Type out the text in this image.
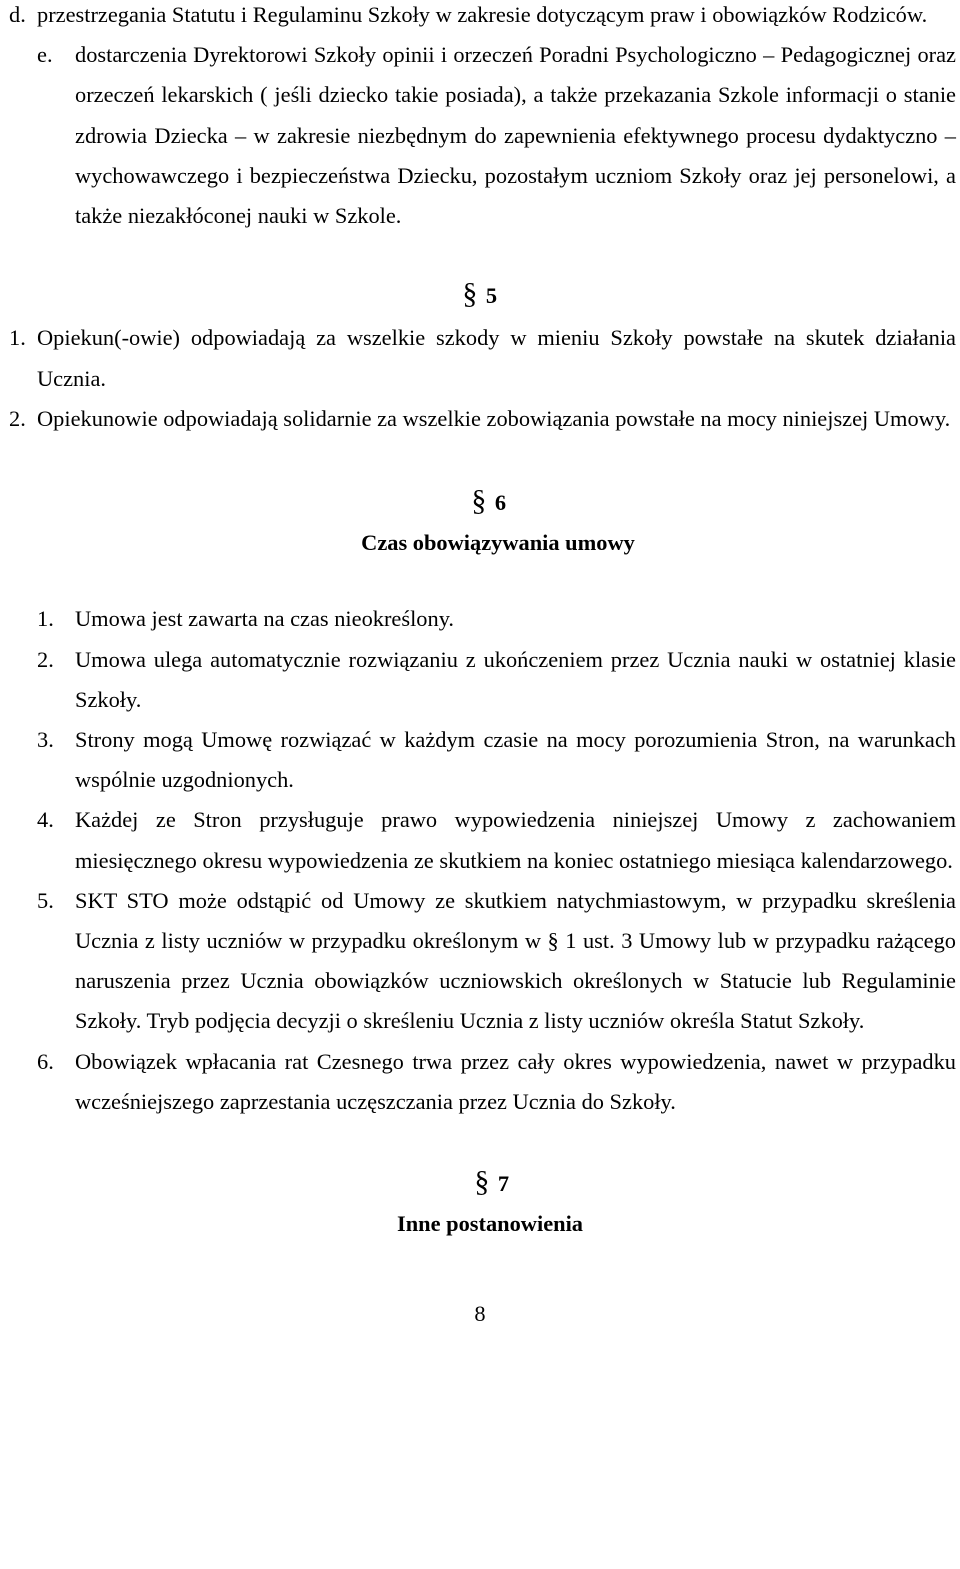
d. przestrzegania Statutu i Regulaminu Szkoły w zakresie dotyczącym praw i obowiązków Rodziców.
e. dostarczenia Dyrektorowi Szkoły opinii i orzeczeń Poradni Psychologiczno – Pedagogicznej oraz orzeczeń lekarskich ( jeśli dziecko takie posiada), a także przekazania Szkole informacji o stanie zdrowia Dziecka – w zakresie niezbędnym do zapewnienia efektywnego procesu dydaktyczno – wychowawczego i bezpieczeństwa Dziecku, pozostałym uczniom Szkoły oraz jej personelowi, a także niezakłóconej nauki w Szkole.

§ 5

1. Opiekun(-owie) odpowiadają za wszelkie szkody w mieniu Szkoły powstałe na skutek działania Ucznia.
2. Opiekunowie odpowiadają solidarnie za wszelkie zobowiązania powstałe na mocy niniejszej Umowy.

§ 6

Czas obowiązywania umowy

1. Umowa jest zawarta na czas nieokreślony.
2. Umowa ulega automatycznie rozwiązaniu z ukończeniem przez Ucznia nauki w ostatniej klasie Szkoły.
3. Strony mogą Umowę rozwiązać w każdym czasie na mocy porozumienia Stron, na warunkach wspólnie uzgodnionych.
4. Każdej ze Stron przysługuje prawo wypowiedzenia niniejszej Umowy z zachowaniem miesięcznego okresu wypowiedzenia ze skutkiem na koniec ostatniego miesiąca kalendarzowego.
5. SKT STO może odstąpić od Umowy ze skutkiem natychmiastowym, w przypadku skreślenia Ucznia z listy uczniów w przypadku określonym w § 1 ust. 3 Umowy lub w przypadku rażącego naruszenia przez Ucznia obowiązków uczniowskich określonych w Statucie lub Regulaminie Szkoły. Tryb podjęcia decyzji o skreśleniu Ucznia z listy uczniów określa Statut Szkoły.
6. Obowiązek wpłacania rat Czesnego trwa przez cały okres wypowiedzenia, nawet w przypadku wcześniejszego zaprzestania uczęszczania przez Ucznia do Szkoły.

§ 7

Inne postanowienia

8
